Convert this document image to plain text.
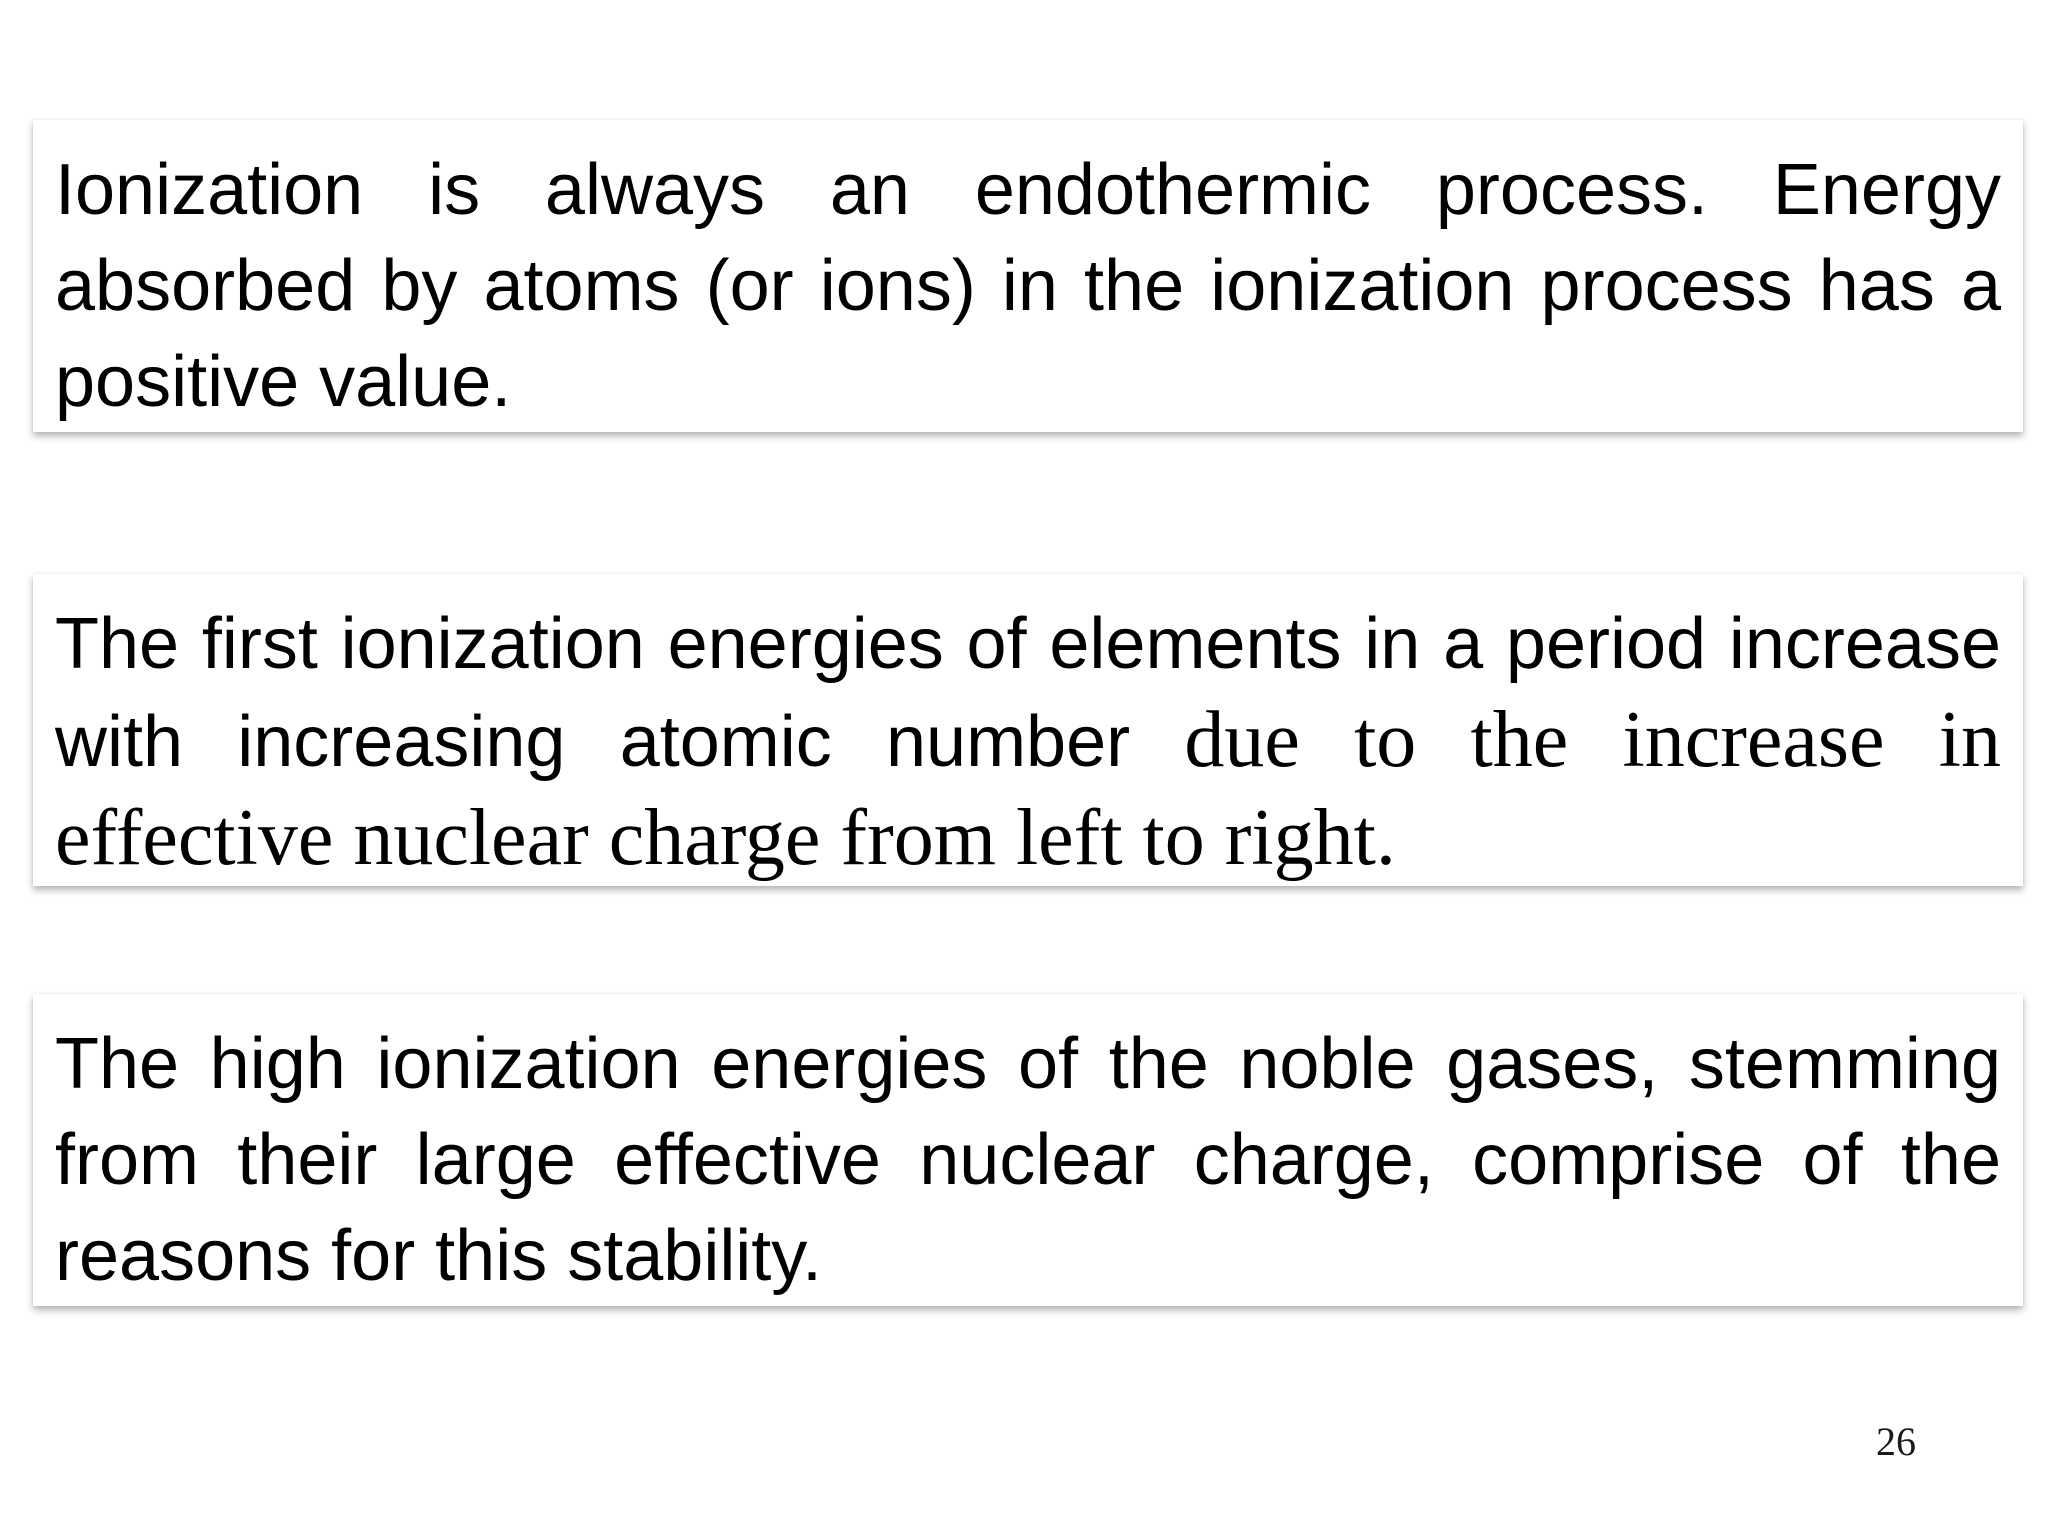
Ionization is always an endothermic process. Energy absorbed by atoms (or ions) in the ionization process has a positive value.

The first ionization energies of elements in a period increase with increasing atomic number due to the increase in effective nuclear charge from left to right.

The high ionization energies of the noble gases, stemming from their large effective nuclear charge, comprise of the reasons for this stability.

26
